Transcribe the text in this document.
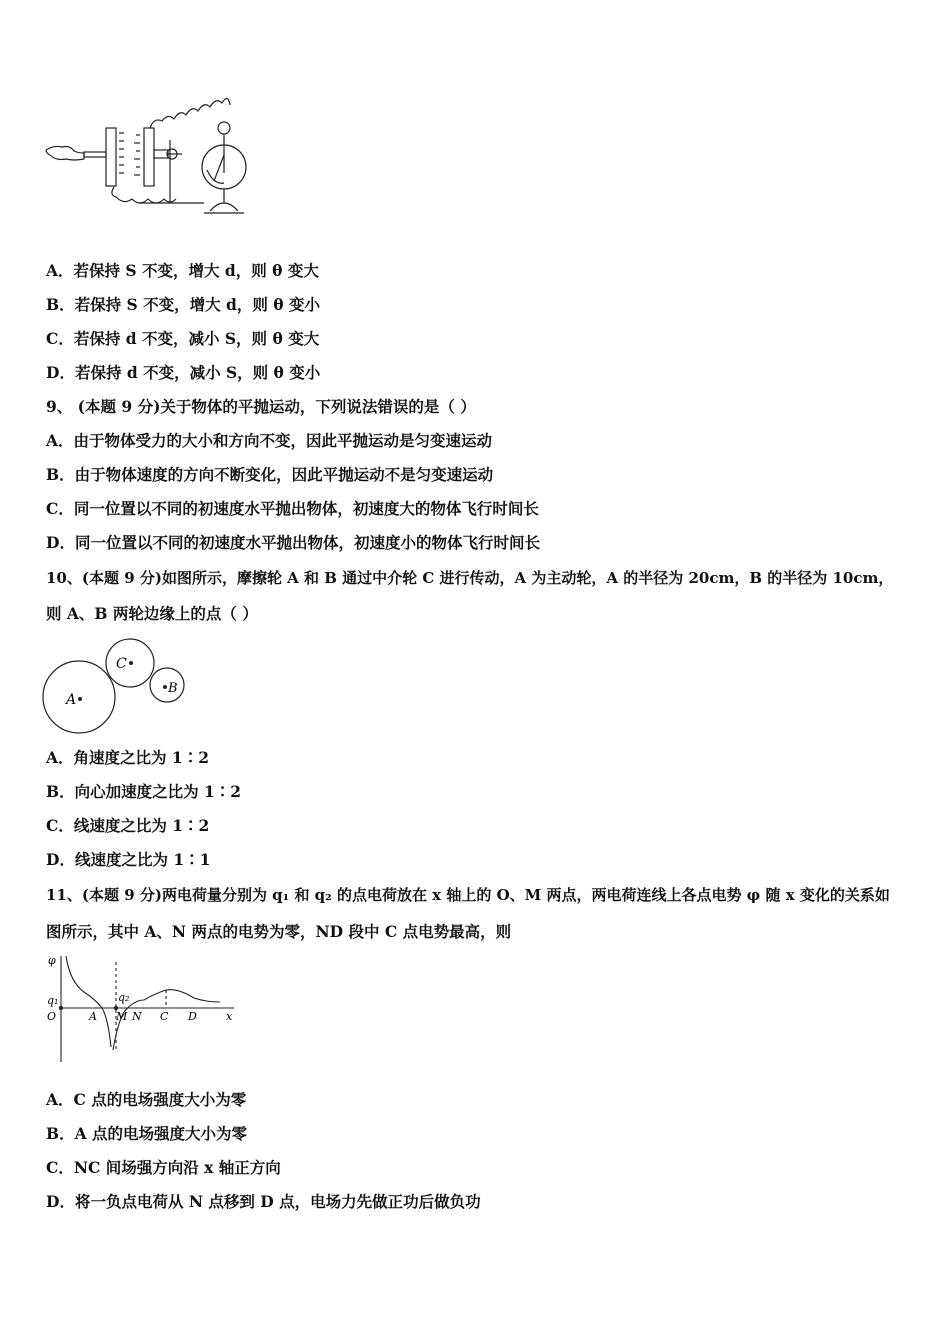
A．若保持 S 不变，增大 d，则 θ 变大
B．若保持 S 不变，增大 d，则 θ 变小
C．若保持 d 不变，减小 S，则 θ 变大
D．若保持 d 不变，减小 S，则 θ 变小
9、 (本题 9 分)关于物体的平抛运动，下列说法错误的是（ ）
A．由于物体受力的大小和方向不变，因此平抛运动是匀变速运动
B．由于物体速度的方向不断变化，因此平抛运动不是匀变速运动
C．同一位置以不同的初速度水平抛出物体，初速度大的物体飞行时间长
D．同一位置以不同的初速度水平抛出物体，初速度小的物体飞行时间长
10、(本题 9 分)如图所示，摩擦轮 A 和 B 通过中介轮 C 进行传动，A 为主动轮，A 的半径为 20cm，B 的半径为 10cm，
则 A、B 两轮边缘上的点（ ）
A
C
B
A．角速度之比为 1∶2
B．向心加速度之比为 1∶2
C．线速度之比为 1∶2
D．线速度之比为 1∶1
11、(本题 9 分)两电荷量分别为 q₁ 和 q₂ 的点电荷放在 x 轴上的 O、M 两点，两电荷连线上各点电势 φ 随 x 变化的关系如
图所示，其中 A、N 两点的电势为零，ND 段中 C 点电势最高，则
φ
q₁	q₂
O	A M N C D	x
A．C 点的电场强度大小为零
B．A 点的电场强度大小为零
C．NC 间场强方向沿 x 轴正方向
D．将一负点电荷从 N 点移到 D 点，电场力先做正功后做负功
